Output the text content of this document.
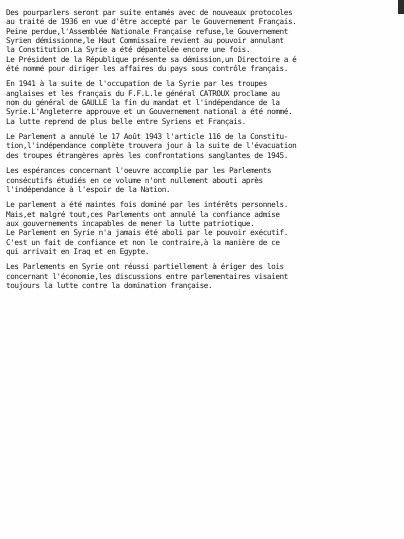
Des pourparlers seront par suite entamés avec de nouveaux protocoles
au traité de 1936 en vue d'être accepté par le Gouvernement Français.
Peine perdue,l'Assemblée Nationale Française refuse,le Gouvernement
Syrien démissionne,le Haut Commissaire revient au pouvoir annulant
la Constitution.La Syrie a été dépantelée encore une fois.
Le Président de la République présente sa démission,un Directoire a é
été nommé pour diriger les affaires du pays sous contrôle français.
En 1941 à la suite de l'occupation de la Syrie par les troupes
anglaises et les français du F.F.L.le général CATROUX proclame au
nom du général de GAULLE la fin du mandat et l'indépendance de la
Syrie.L'Angleterre approuve et un Gouvernement national a été nommé.
La lutte reprend de plus belle entre Syriens et Français.
Le Parlement a annulé le 17 Août 1943 l'article 116 de la Constitu-
tion,l'indépendance complète trouvera jour à la suite de l'évacuation
des troupes étrangères après les confrontations sanglantes de 1945.
Les espérances concernant l'oeuvre accomplie par les Parlements
consécutifs étudiés en ce volume n'ont nullement abouti après
l'indépendance à l'espoir de la Nation.
Le parlement a été maintes fois dominé par les intérêts personnels.
Mais,et malgré tout,ces Parlements ont annulé la confiance admise
aux gouvernements incapables de mener la lutte patriotique.
Le Parlement en Syrie n'a jamais été aboli par le pouvoir exécutif.
C'est un fait de confiance et non le contraire,à la manière de ce
qui arrivait en Iraq et en Egypte.
Les Parlements en Syrie ont réussi partiellement à ériger des lois
concernant l'économie,les discussions entre parlementaires visaient
toujours la lutte contre la domination française.
